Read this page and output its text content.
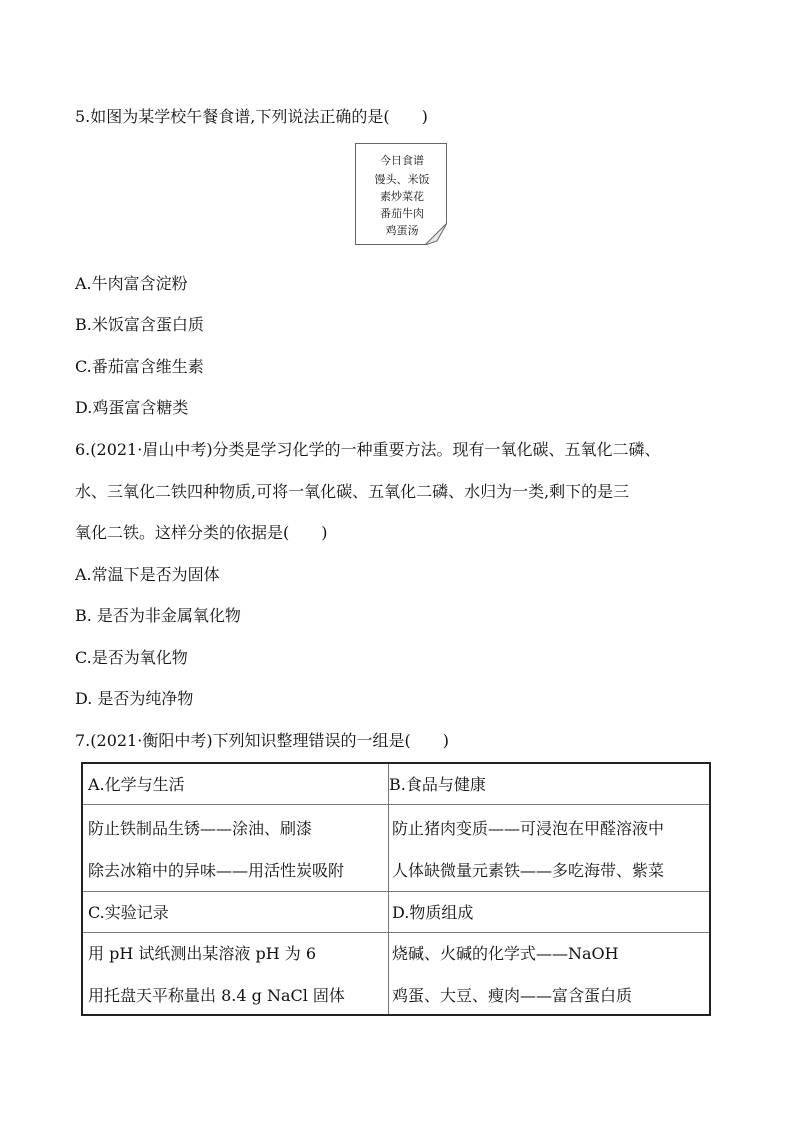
5.如图为某学校午餐食谱,下列说法正确的是(　　)
今日食谱
馒头、米饭
素炒菜花
番茄牛肉
鸡蛋汤
A.牛肉富含淀粉
B.米饭富含蛋白质
C.番茄富含维生素
D.鸡蛋富含糖类
6.(2021·眉山中考)分类是学习化学的一种重要方法。现有一氧化碳、五氧化二磷、
水、三氧化二铁四种物质,可将一氧化碳、五氧化二磷、水归为一类,剩下的是三
氧化二铁。这样分类的依据是(　　)
A.常温下是否为固体
B. 是否为非金属氧化物
C.是否为氧化物
D. 是否为纯净物
7.(2021·衡阳中考)下列知识整理错误的一组是(　　)
A.化学与生活	B.食品与健康
防止铁制品生锈——涂油、刷漆
除去冰箱中的异味——用活性炭吸附
防止猪肉变质——可浸泡在甲醛溶液中
人体缺微量元素铁——多吃海带、紫菜
C.实验记录	D.物质组成
用 pH 试纸测出某溶液 pH 为 6
用托盘天平称量出 8.4 g NaCl 固体
烧碱、火碱的化学式——NaOH
鸡蛋、大豆、瘦肉——富含蛋白质
